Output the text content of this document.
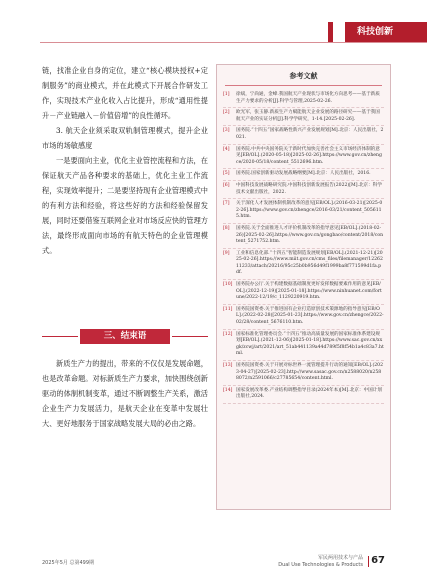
科技创新

链，找准企业自身的定位，建立“核心模块授权+定制服务”的商业模式，并在此模式下开展合作研发工作，实现技术产业化收入占比提升，形成“通用性提升－产业链融入－价值倍增”的良性循环。

3. 航天企业须采取双轨制管理模式，提升企业市场的场敏感度

一是要面向主业，优化主业管控流程和方法，在保证航天产品各种要求的基础上，优化主业工作流程，实现效率提升；二是要坚持现有企业管理模式中的有利方法和经验，将这些好的方法和经验保留发展，同时还要借鉴互联网企业对市场反应快的管理方法，最终形成面向市场的有航天特色的企业管理模式。

三、结束语

新质生产力的提出，带来的不仅仅是发展命题，也是改革命题。对标新质生产力要求，加快围绕创新驱动的体制机制变革，通过不断调整生产关系，激活企业生产力发展活力，是航天企业在变革中发展壮大、更好地服务于国家战略发展大局的必由之路。

参考文献
[1]	徐斌，宁尚通，金峰.我国航天产业现状与市场化方向思考——基于新质生产力要求的分析[J].科学与管理,2025-02-26.
[2]	欧光军，张玉静.新质生产力赋能航天企业发展的路径研究——基于我国航天产业的实证分析[J].科学学研究，1-14.[2025-02-26].
[3]	国务院.“十四五”国家战略性新兴产业发展规划[M].北京：人民出版社，2021.
[4]	国务院.中共中央国务院关于新时代加快完善社会主义市场经济体制的意见[EB/OL].(2020-05-18)[2025-02-26].https://www.gov.cn/zhengce/2020-05/18/content_5512696.htm.
[5]	国务院.国家创新驱动发展战略纲要[M].北京：人民出版社，2016.
[6]	中国科技发展战略研究院.中国科技创新发展报告(2022)[M].北京：科学技术文献出版社，2022.
[7]	关于深化人才发展体制机制改革的意见[EB/OL].(2016-03-21)[2025-02-26].https://www.gov.cn/zhengce/2016-03/21/content_5056115.htm.
[8]	国务院.关于全面推进人才评价机制改革的指导意见[EB/OL].(2018-02-26)[2025-02-26].https://www.gov.cn/gongbao/content/2018/content_5271752.htm.
[9]	工业和信息化部.“十四五”智能制造发展规划[EB/OL].(2021-12-21)[2025-02-26].https://www.miit.gov.cn/cms_files/filemanager/1226211233/attach/20216/95c25b0b956d49f1999ba8f771599d1fa.pdf.
[10] 国务院办公厅.关于构建数据基础制度更好发挥数据要素作用的意见[EB/OL].(2022-12-19)[2025-01-18].https://www.ninhuanet.com/fortune/2022-12/19/c_1129220919.htm.
[11] 国务院国资委.关于推进国有企业打造原创技术策源地的指导意见[EB/OL].(2022-02-28)[2025-01-23].https://www.gov.cn/zhengce/2022-02/28/content_5676110.htm.
[12] 国家标准化管理委员会.“十四五”推动高质量发展的国家标准体系建设规划[EB/OL].(2021-12-06)[2025-01-18].https://www.sac.gov.cn/xxgk/zcwj/art/2021/art_51ab441139a44d789f5f8f54b1a4c83a7.html.
[13] 国务院国资委.关于开展对标世界一流管理提升行动的通知[EB/OL].(2023-04-27)[2025-02-23].http://www.sasac.gov.cn/n2588020/n2588072/n2591066/c27785654/content.html.
[14] 国家发展改革委.产业结构调整指导目录(2024年本)[M].北京：中国计划出版社,2024.
2025年5月 总第499期
军民两用技术与产品
Dual Use Technologies & Products 67
